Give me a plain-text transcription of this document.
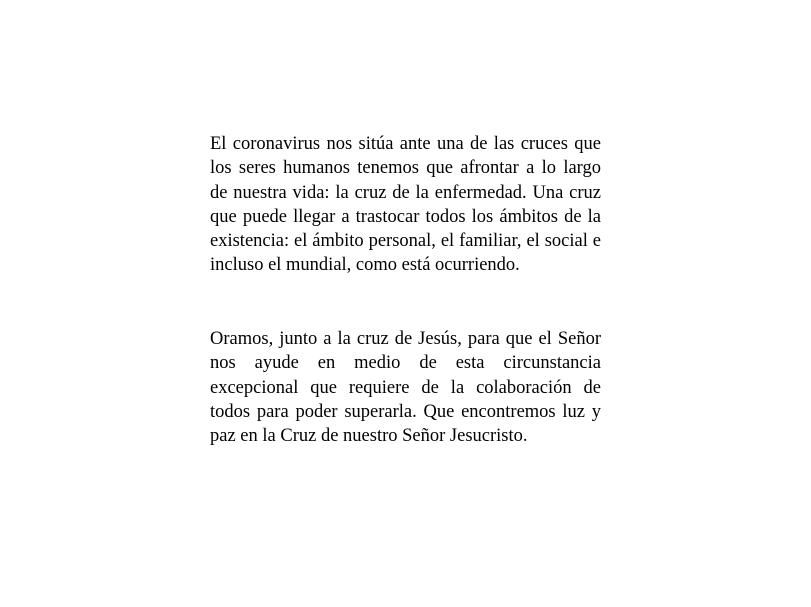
El coronavirus nos sitúa ante una de las cruces que los seres humanos tenemos que afrontar a lo largo de nuestra vida: la cruz de la enfermedad. Una cruz que puede llegar a trastocar todos los ámbitos de la existencia: el ámbito personal, el familiar, el social e incluso el mundial, como está ocurriendo.

Oramos, junto a la cruz de Jesús, para que el Señor nos ayude en medio de esta circunstancia excepcional que requiere de la colaboración de todos para poder superarla. Que encontremos luz y paz en la Cruz de nuestro Señor Jesucristo.
